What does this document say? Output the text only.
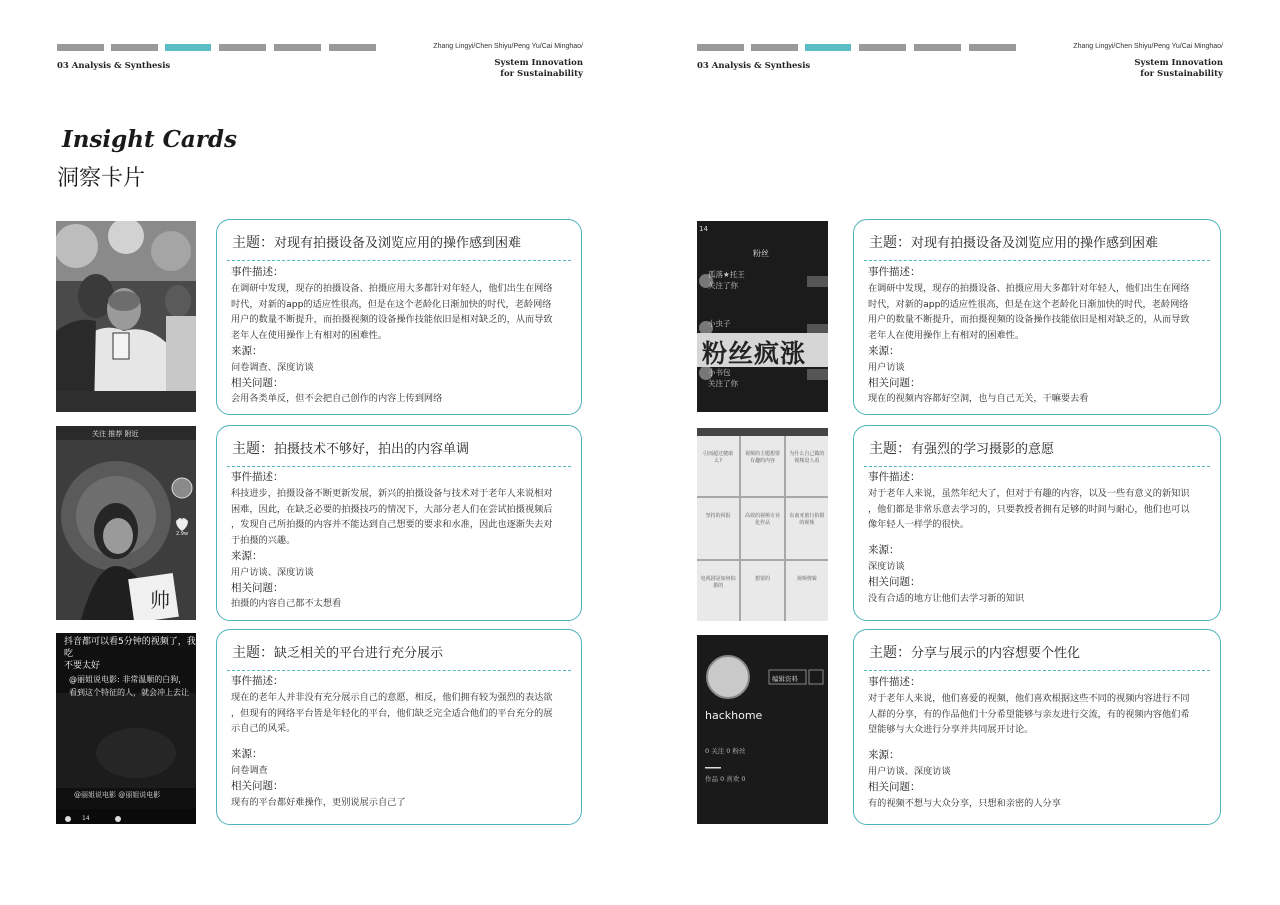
03 Analysis & Synthesis
Zhang Lingyi/Chen Shiyu/Peng Yu/Cai Minghao/
System Innovation
for Sustainability
Insight Cards
洞察卡片
关注 推荐 附近
2.9w
帅
抖音都可以看5分钟的视频了，我吃
不要太好
@丽姐说电影: 非常温顺的白狗，
看到这个特征的人，就会冲上去让
@丽姐说电影 @丽姐说电影
14
主题：对现有拍摄设备及浏览应用的操作感到困难
事件描述：
在调研中发现，现存的拍摄设备、拍摄应用大多都针对年轻人，他们出生在网络
时代，对新的app的适应性很高，但是在这个老龄化日渐加快的时代，老龄网络
用户的数量不断提升，而拍摄视频的设备操作技能依旧是相对缺乏的，从而导致
老年人在使用操作上有相对的困难性。
来源：
问卷调查、深度访谈
相关问题：
会用各类单反，但不会把自己创作的内容上传到网络
主题：拍摄技术不够好，拍出的内容单调
事件描述：
科技进步，拍摄设备不断更新发展，新兴的拍摄设备与技术对于老年人来说相对
困难，因此，在缺乏必要的拍摄技巧的情况下，大部分老人们在尝试拍摄视频后
，发现自己所拍摄的内容并不能达到自己想要的要求和水准，因此也逐渐失去对
于拍摄的兴趣。
来源：
用户访谈、深度访谈
相关问题：
拍摄的内容自己都不太想看
主题：缺乏相关的平台进行充分展示
事件描述：
现在的老年人并非没有充分展示自己的意愿，相反，他们拥有较为强烈的表达欲
，但现有的网络平台皆是年轻化的平台，他们缺乏完全适合他们的平台充分的展
示自己的风采。
来源：
问卷调查
相关问题：
现有的平台都好难操作，更别说展示自己了
03 Analysis & Synthesis
Zhang Lingyi/Chen Shiyu/Peng Yu/Cai Minghao/
System Innovation
for Sustainability
14
粉丝
孤落★托王
关注了你
小虫子
粉丝疯涨
小书包
关注了你
引而超过健康么?
视频的主题想要有趣的内容
为什么自己做的视频没人看
坚持的回报	高效的视频专业化作品
东南亚旅行拍摄的视频
电视剧是如何拍摄的
想要的	视频剪辑
编辑资料
hackhome
0 关注 0 粉丝
作品 0 喜欢 0
主题：对现有拍摄设备及浏览应用的操作感到困难
事件描述：
在调研中发现，现存的拍摄设备、拍摄应用大多都针对年轻人，他们出生在网络
时代，对新的app的适应性很高，但是在这个老龄化日渐加快的时代，老龄网络
用户的数量不断提升，而拍摄视频的设备操作技能依旧是相对缺乏的，从而导致
老年人在使用操作上有相对的困难性。
来源：
用户访谈
相关问题：
现在的视频内容都好空洞，也与自己无关，干嘛要去看
主题：有强烈的学习摄影的意愿
事件描述：
对于老年人来说，虽然年纪大了，但对于有趣的内容，以及一些有意义的新知识
，他们都是非常乐意去学习的，只要教授者拥有足够的时间与耐心，他们也可以
像年轻人一样学的很快。
来源：
深度访谈
相关问题：
没有合适的地方让他们去学习新的知识
主题：分享与展示的内容想要个性化
事件描述：
对于老年人来说，他们喜爱的视频，他们喜欢根据这些不同的视频内容进行不同
人群的分享，有的作品他们十分希望能够与亲友进行交流，有的视频内容他们希
望能够与大众进行分享并共同展开讨论。
来源：
用户访谈、深度访谈
相关问题：
有的视频不想与大众分享，只想和亲密的人分享
